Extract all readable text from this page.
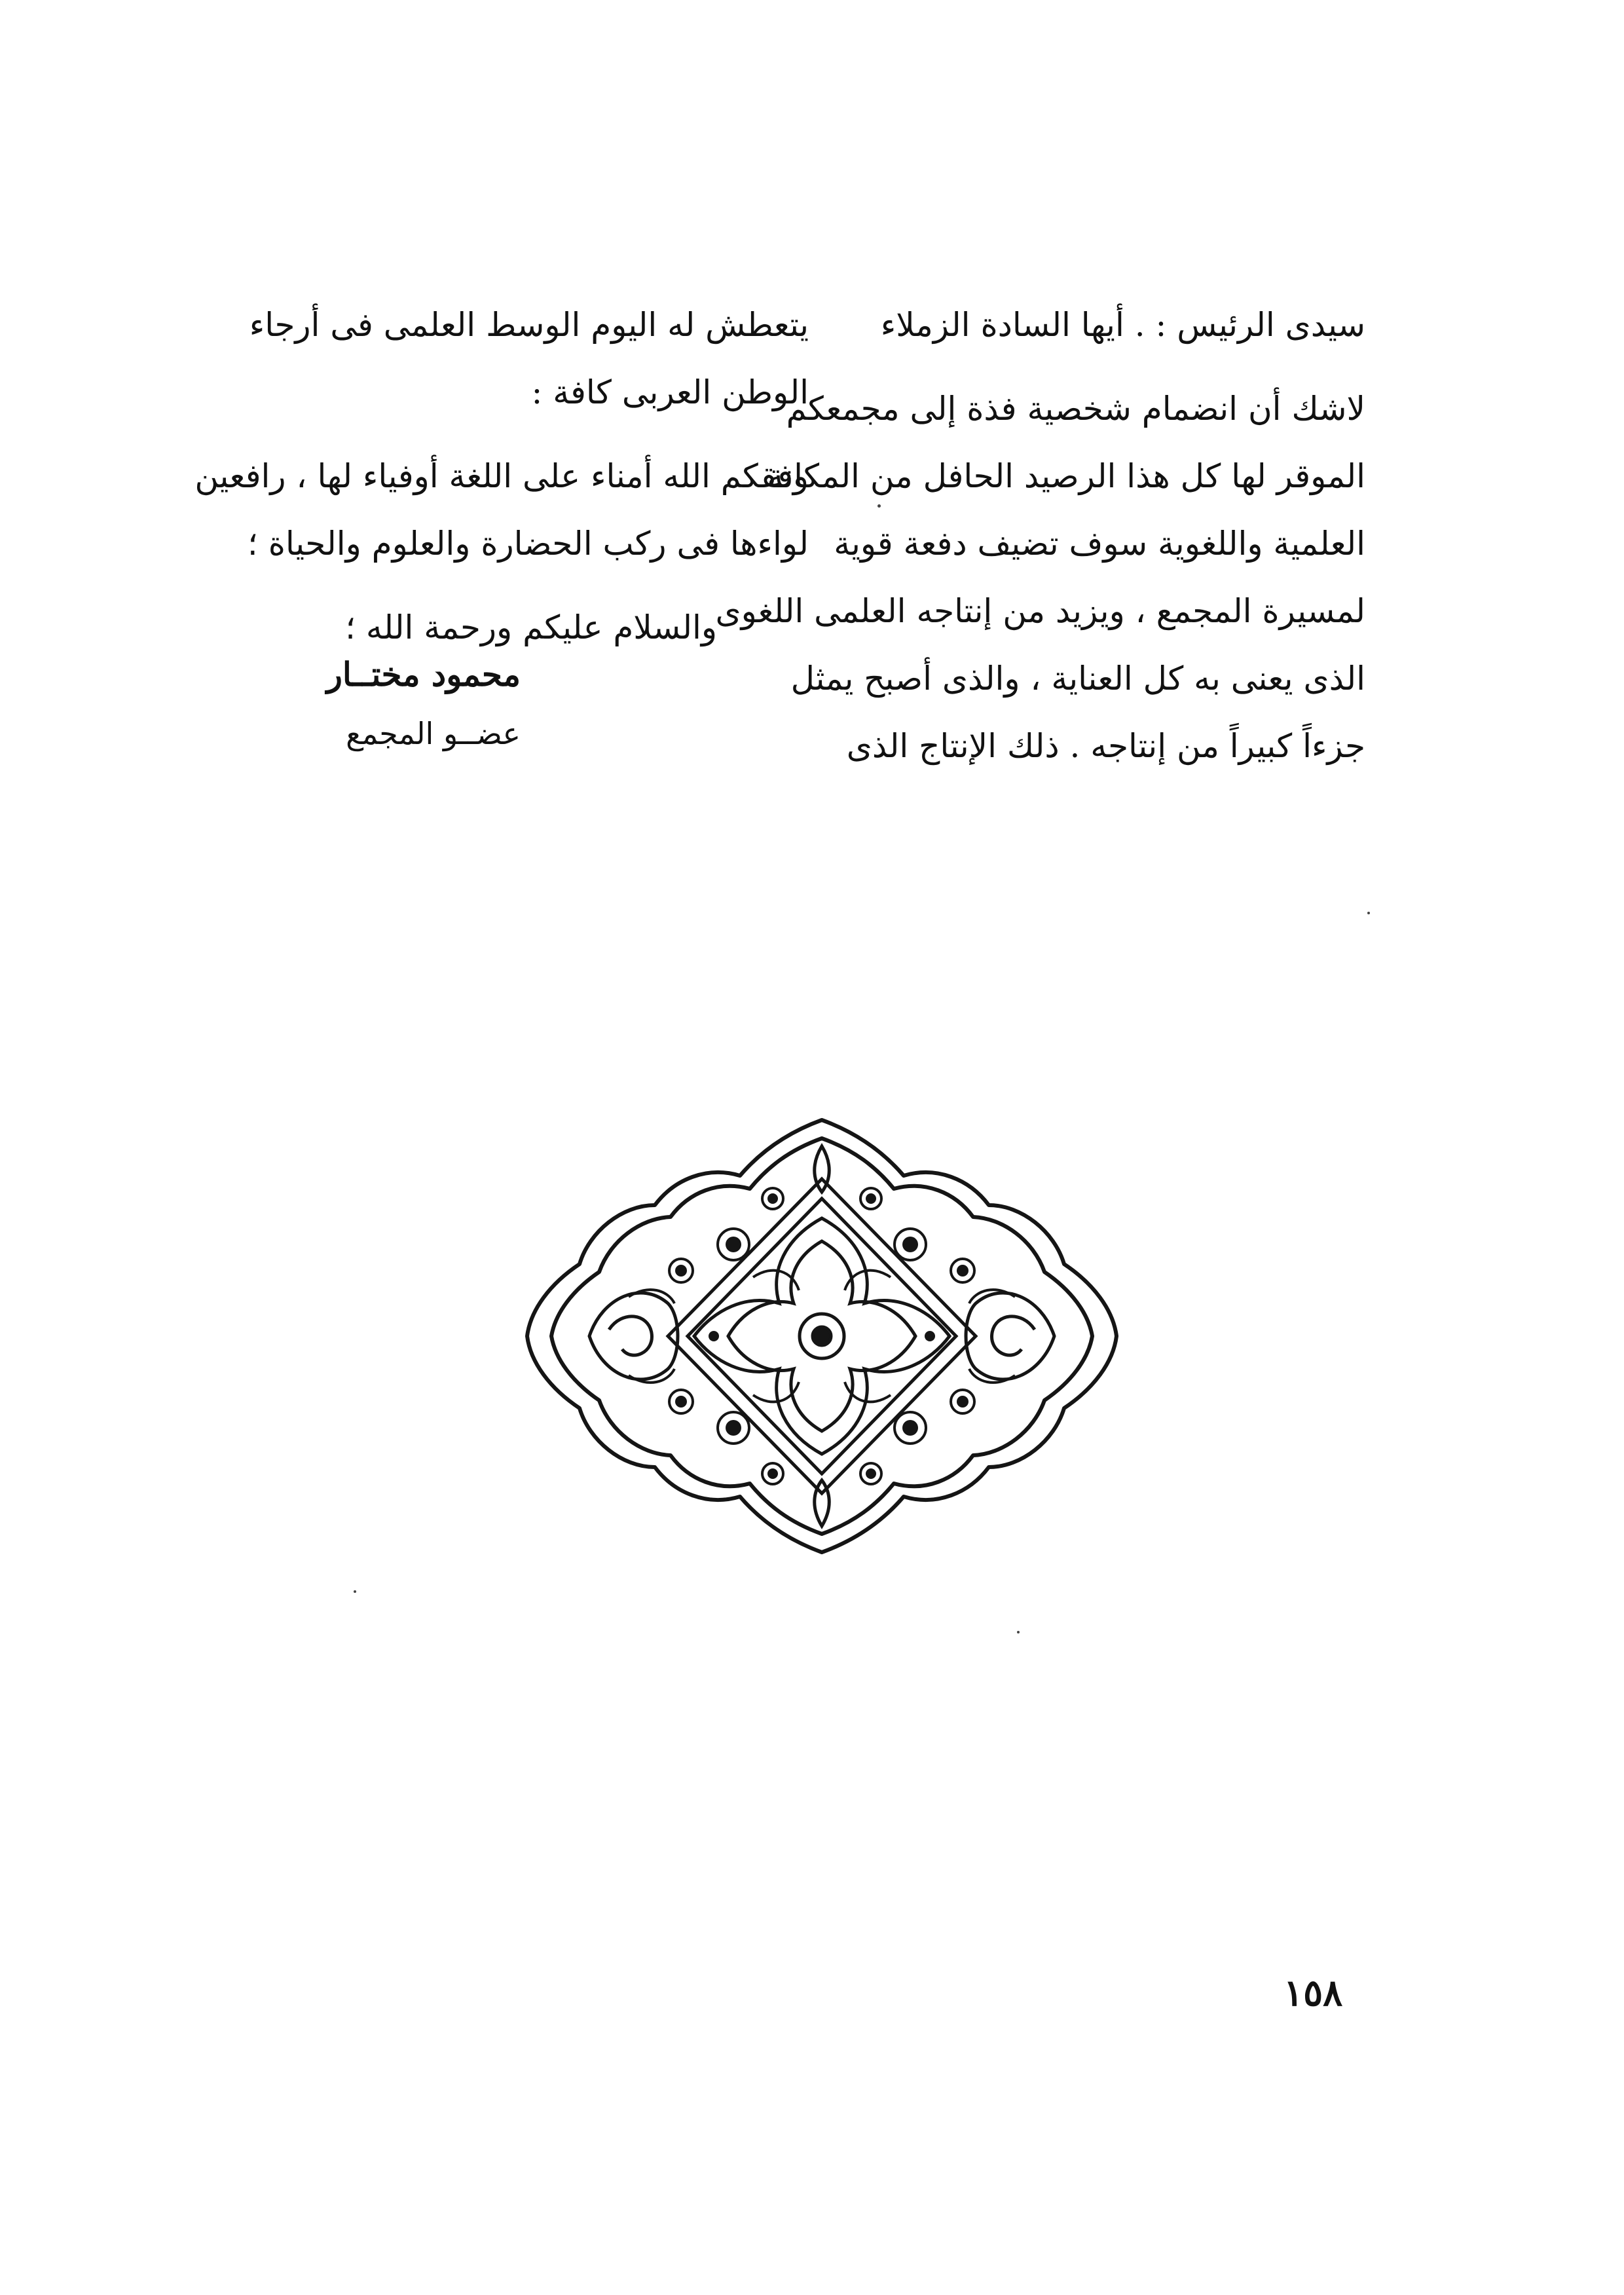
سيدى الرئيس : . أيها السادة الزملاء

لاشك أن انضمام شخصية فذة إلى مجمعكم
الموقر لها كل هذا الرصيد الحافل من المكانة
العلمية واللغوية سوف تضيف دفعة قوية
لمسيرة المجمع ، ويزيد من إنتاجه العلمى اللغوى
الذى يعنى به كل العناية ، والذى أصبح يمثل
جزءاً كبيراً من إنتاجه . ذلك الإنتاج الذى

يتعطش له اليوم الوسط العلمى فى أرجاء
الوطن العربى كافة :

وفقكم الله أمناء على اللغة أوفياء لها ، رافعين
لواءها فى ركب الحضارة والعلوم والحياة ؛

والسلام عليكم ورحمة الله ؛

محمود مختــار
عضــو المجمع
١٥٨
